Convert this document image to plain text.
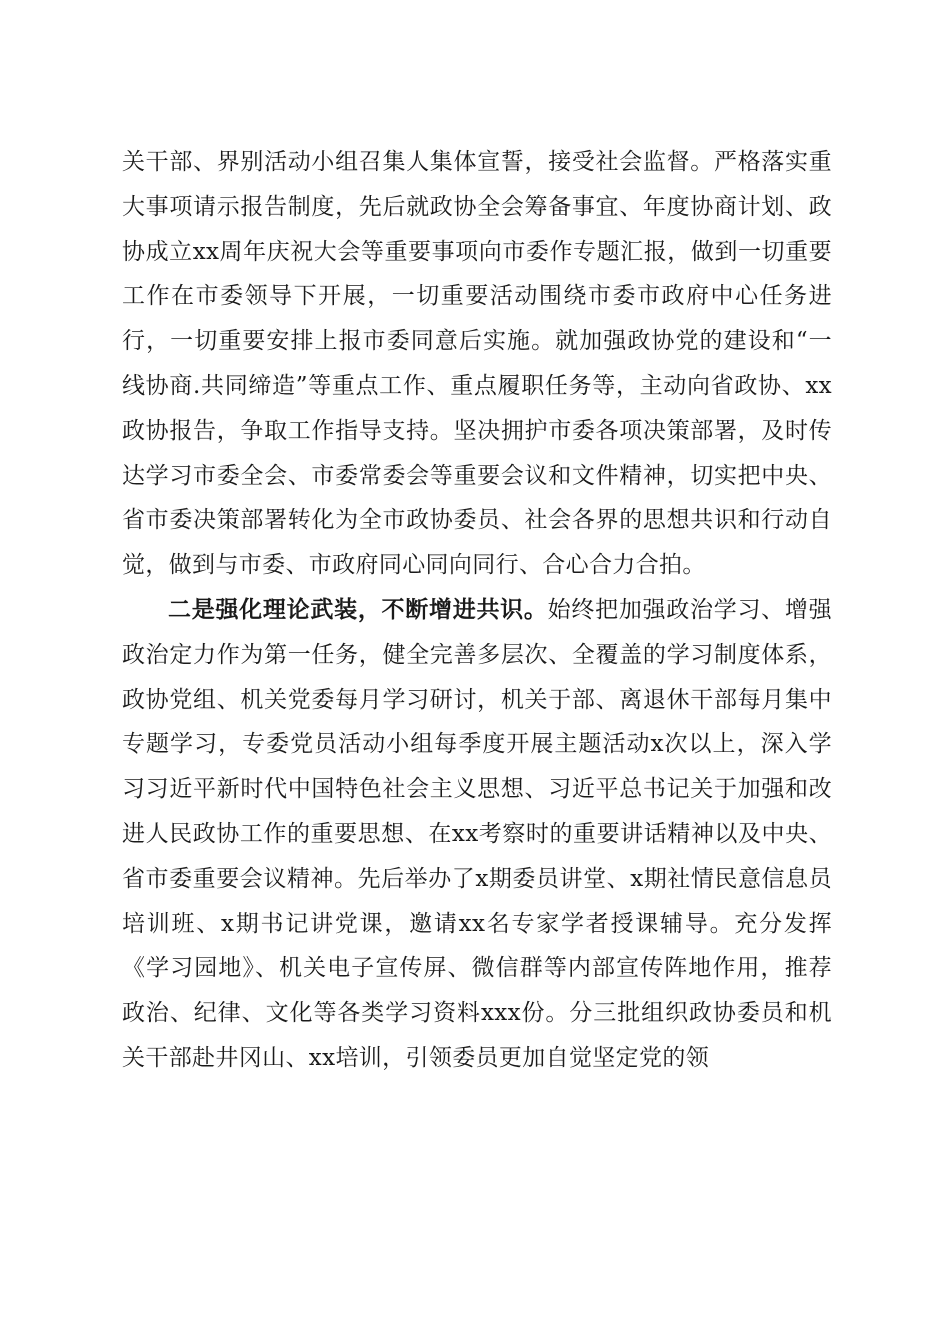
关干部、界别活动小组召集人集体宣誓，接受社会监督。严格落实重大事项请示报告制度，先后就政协全会筹备事宜、年度协商计划、政协成立xx周年庆祝大会等重要事项向市委作专题汇报，做到一切重要工作在市委领导下开展，一切重要活动围绕市委市政府中心任务进行，一切重要安排上报市委同意后实施。就加强政协党的建设和“一线协商.共同缔造”等重点工作、重点履职任务等，主动向省政协、xx政协报告，争取工作指导支持。坚决拥护市委各项决策部署，及时传达学习市委全会、市委常委会等重要会议和文件精神，切实把中央、省市委决策部署转化为全市政协委员、社会各界的思想共识和行动自觉，做到与市委、市政府同心同向同行、合心合力合拍。

二是强化理论武装，不断增进共识。始终把加强政治学习、增强政治定力作为第一任务，健全完善多层次、全覆盖的学习制度体系，政协党组、机关党委每月学习研讨，机关于部、离退休干部每月集中专题学习，专委党员活动小组每季度开展主题活动x次以上，深入学习习近平新时代中国特色社会主义思想、习近平总书记关于加强和改进人民政协工作的重要思想、在xx考察时的重要讲话精神以及中央、省市委重要会议精神。先后举办了x期委员讲堂、x期社情民意信息员培训班、x期书记讲党课，邀请xx名专家学者授课辅导。充分发挥《学习园地》、机关电子宣传屏、微信群等内部宣传阵地作用，推荐政治、纪律、文化等各类学习资料xxx份。分三批组织政协委员和机关干部赴井冈山、xx培训，引领委员更加自觉坚定党的领
